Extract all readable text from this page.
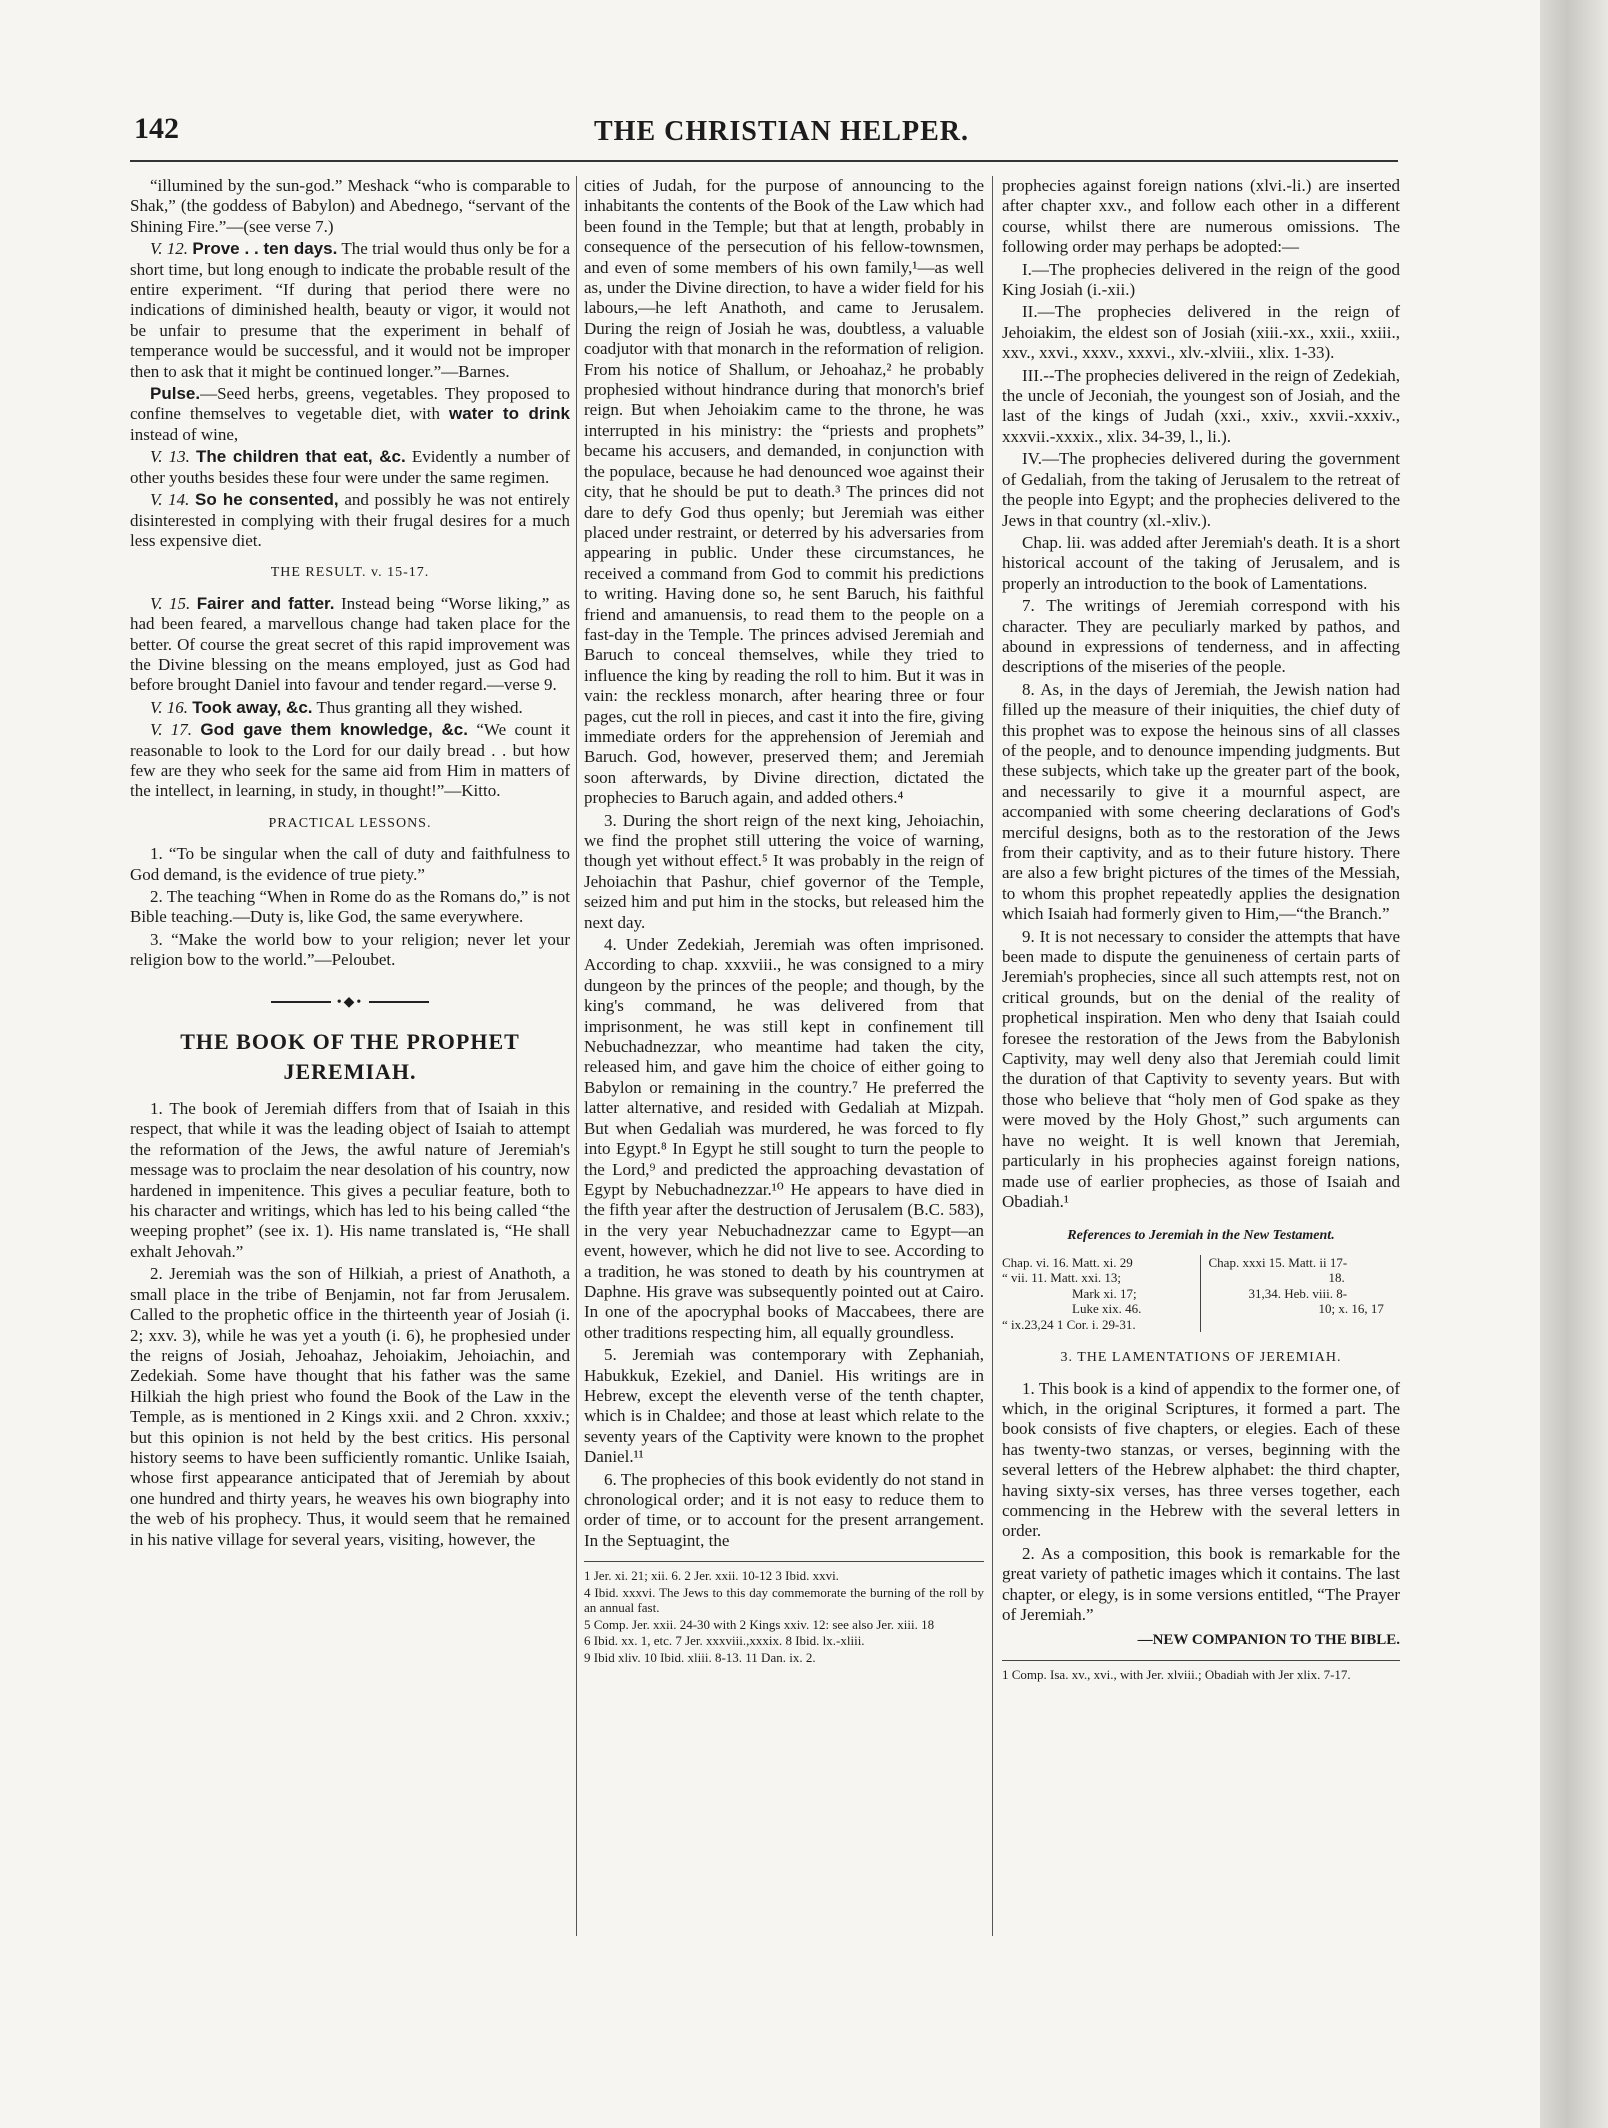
142	THE CHRISTIAN HELPER.

“illumined by the sun-god.” Meshack “who is comparable to Shak,” (the goddess of Babylon) and Abednego, “servant of the Shining Fire.”—(see verse 7.)

V. 12. Prove . . ten days. The trial would thus only be for a short time, but long enough to indicate the probable result of the entire experiment. “If during that period there were no indications of diminished health, beauty or vigor, it would not be unfair to presume that the experiment in behalf of temperance would be successful, and it would not be improper then to ask that it might be continued longer.”—Barnes.

Pulse.—Seed herbs, greens, vegetables. They proposed to confine themselves to vegetable diet, with water to drink instead of wine,

V. 13. The children that eat, &c. Evidently a number of other youths besides these four were under the same regimen.

V. 14. So he consented, and possibly he was not entirely disinterested in complying with their frugal desires for a much less expensive diet.

THE RESULT. v. 15-17.

V. 15. Fairer and fatter. Instead being “Worse liking,” as had been feared, a marvellous change had taken place for the better. Of course the great secret of this rapid improvement was the Divine blessing on the means employed, just as God had before brought Daniel into favour and tender regard.—verse 9.

V. 16. Took away, &c. Thus granting all they wished.

V. 17. God gave them knowledge, &c. “We count it reasonable to look to the Lord for our daily bread . . but how few are they who seek for the same aid from Him in matters of the intellect, in learning, in study, in thought!”—Kitto.

PRACTICAL LESSONS.

1. “To be singular when the call of duty and faithfulness to God demand, is the evidence of true piety.”

2. The teaching “When in Rome do as the Romans do,” is not Bible teaching.—Duty is, like God, the same everywhere.

3. “Make the world bow to your religion; never let your religion bow to the world.”—Peloubet.

•◆•
THE BOOK OF THE PROPHET
JEREMIAH.

1. The book of Jeremiah differs from that of Isaiah in this respect, that while it was the leading object of Isaiah to attempt the reformation of the Jews, the awful nature of Jeremiah's message was to proclaim the near desolation of his country, now hardened in impenitence. This gives a peculiar feature, both to his character and writings, which has led to his being called “the weeping prophet” (see ix. 1). His name translated is, “He shall exhalt Jehovah.”

2. Jeremiah was the son of Hilkiah, a priest of Anathoth, a small place in the tribe of Benjamin, not far from Jerusalem. Called to the prophetic office in the thirteenth year of Josiah (i. 2; xxv. 3), while he was yet a youth (i. 6), he prophesied under the reigns of Josiah, Jehoahaz, Jehoiakim, Jehoiachin, and Zedekiah. Some have thought that his father was the same Hilkiah the high priest who found the Book of the Law in the Temple, as is mentioned in 2 Kings xxii. and 2 Chron. xxxiv.; but this opinion is not held by the best critics. His personal history seems to have been sufficiently romantic. Unlike Isaiah, whose first appearance anticipated that of Jeremiah by about one hundred and thirty years, he weaves his own biography into the web of his prophecy. Thus, it would seem that he remained in his native village for several years, visiting, however, the

cities of Judah, for the purpose of announcing to the inhabitants the contents of the Book of the Law which had been found in the Temple; but that at length, probably in consequence of the persecution of his fellow-townsmen, and even of some members of his own family,¹—as well as, under the Divine direction, to have a wider field for his labours,—he left Anathoth, and came to Jerusalem. During the reign of Josiah he was, doubtless, a valuable coadjutor with that monarch in the reformation of religion. From his notice of Shallum, or Jehoahaz,² he probably prophesied without hindrance during that monorch's brief reign. But when Jehoiakim came to the throne, he was interrupted in his ministry: the “priests and prophets” became his accusers, and demanded, in conjunction with the populace, because he had denounced woe against their city, that he should be put to death.³ The princes did not dare to defy God thus openly; but Jeremiah was either placed under restraint, or deterred by his adversaries from appearing in public. Under these circumstances, he received a command from God to commit his predictions to writing. Having done so, he sent Baruch, his faithful friend and amanuensis, to read them to the people on a fast-day in the Temple. The princes advised Jeremiah and Baruch to conceal themselves, while they tried to influence the king by reading the roll to him. But it was in vain: the reckless monarch, after hearing three or four pages, cut the roll in pieces, and cast it into the fire, giving immediate orders for the apprehension of Jeremiah and Baruch. God, however, preserved them; and Jeremiah soon afterwards, by Divine direction, dictated the prophecies to Baruch again, and added others.⁴

3. During the short reign of the next king, Jehoiachin, we find the prophet still uttering the voice of warning, though yet without effect.⁵ It was probably in the reign of Jehoiachin that Pashur, chief governor of the Temple, seized him and put him in the stocks, but released him the next day.

4. Under Zedekiah, Jeremiah was often imprisoned. According to chap. xxxviii., he was consigned to a miry dungeon by the princes of the people; and though, by the king's command, he was delivered from that imprisonment, he was still kept in confinement till Nebuchadnezzar, who meantime had taken the city, released him, and gave him the choice of either going to Babylon or remaining in the country.⁷ He preferred the latter alternative, and resided with Gedaliah at Mizpah. But when Gedaliah was murdered, he was forced to fly into Egypt.⁸ In Egypt he still sought to turn the people to the Lord,⁹ and predicted the approaching devastation of Egypt by Nebuchadnezzar.¹⁰ He appears to have died in the fifth year after the destruction of Jerusalem (B.C. 583), in the very year Nebuchadnezzar came to Egypt—an event, however, which he did not live to see. According to a tradition, he was stoned to death by his countrymen at Daphne. His grave was subsequently pointed out at Cairo. In one of the apocryphal books of Maccabees, there are other traditions respecting him, all equally groundless.

5. Jeremiah was contemporary with Zephaniah, Habukkuk, Ezekiel, and Daniel. His writings are in Hebrew, except the eleventh verse of the tenth chapter, which is in Chaldee; and those at least which relate to the seventy years of the Captivity were known to the prophet Daniel.¹¹

6. The prophecies of this book evidently do not stand in chronological order; and it is not easy to reduce them to order of time, or to account for the present arrangement. In the Septuagint, the

1 Jer. xi. 21; xii. 6. 2 Jer. xxii. 10-12 3 Ibid. xxvi.
4 Ibid. xxxvi. The Jews to this day commemorate the burning of the roll by an annual fast.
5 Comp. Jer. xxii. 24-30 with 2 Kings xxiv. 12: see also Jer. xiii. 18
6 Ibid. xx. 1, etc. 7 Jer. xxxviii.,xxxix. 8 Ibid. lx.-xliii.
9 Ibid xliv. 10 Ibid. xliii. 8-13. 11 Dan. ix. 2.

prophecies against foreign nations (xlvi.-li.) are inserted after chapter xxv., and follow each other in a different course, whilst there are numerous omissions. The following order may perhaps be adopted:—

I.—The prophecies delivered in the reign of the good King Josiah (i.-xii.)

II.—The prophecies delivered in the reign of Jehoiakim, the eldest son of Josiah (xiii.-xx., xxii., xxiii., xxv., xxvi., xxxv., xxxvi., xlv.-xlviii., xlix. 1-33).

III.--The prophecies delivered in the reign of Zedekiah, the uncle of Jeconiah, the youngest son of Josiah, and the last of the kings of Judah (xxi., xxiv., xxvii.-xxxiv., xxxvii.-xxxix., xlix. 34-39, l., li.).

IV.—The prophecies delivered during the government of Gedaliah, from the taking of Jerusalem to the retreat of the people into Egypt; and the prophecies delivered to the Jews in that country (xl.-xliv.).

Chap. lii. was added after Jeremiah's death. It is a short historical account of the taking of Jerusalem, and is properly an introduction to the book of Lamentations.

7. The writings of Jeremiah correspond with his character. They are peculiarly marked by pathos, and abound in expressions of tenderness, and in affecting descriptions of the miseries of the people.

8. As, in the days of Jeremiah, the Jewish nation had filled up the measure of their iniquities, the chief duty of this prophet was to expose the heinous sins of all classes of the people, and to denounce impending judgments. But these subjects, which take up the greater part of the book, and necessarily to give it a mournful aspect, are accompanied with some cheering declarations of God's merciful designs, both as to the restoration of the Jews from their captivity, and as to their future history. There are also a few bright pictures of the times of the Messiah, to whom this prophet repeatedly applies the designation which Isaiah had formerly given to Him,—“the Branch.”

9. It is not necessary to consider the attempts that have been made to dispute the genuineness of certain parts of Jeremiah's prophecies, since all such attempts rest, not on critical grounds, but on the denial of the reality of prophetical inspiration. Men who deny that Isaiah could foresee the restoration of the Jews from the Babylonish Captivity, may well deny also that Jeremiah could limit the duration of that Captivity to seventy years. But with those who believe that “holy men of God spake as they were moved by the Holy Ghost,” such arguments can have no weight. It is well known that Jeremiah, particularly in his prophecies against foreign nations, made use of earlier prophecies, as those of Isaiah and Obadiah.¹

References to Jeremiah in the New Testament.
Chap. vi. 16. Matt. xi. 29
“ vii. 11. Matt. xxi. 13;
Mark xi. 17;
Luke xix. 46.
“ ix.23,24 1 Cor. i. 29-31.
Chap. xxxi 15. Matt. ii 17-
18.
31,34. Heb. viii. 8-
10; x. 16, 17
3. THE LAMENTATIONS OF JEREMIAH.

1. This book is a kind of appendix to the former one, of which, in the original Scriptures, it formed a part. The book consists of five chapters, or elegies. Each of these has twenty-two stanzas, or verses, beginning with the several letters of the Hebrew alphabet: the third chapter, having sixty-six verses, has three verses together, each commencing in the Hebrew with the several letters in order.

2. As a composition, this book is remarkable for the great variety of pathetic images which it contains. The last chapter, or elegy, is in some versions entitled, “The Prayer of Jeremiah.”

—NEW COMPANION TO THE BIBLE.
1 Comp. Isa. xv., xvi., with Jer. xlviii.; Obadiah with Jer xlix. 7-17.
